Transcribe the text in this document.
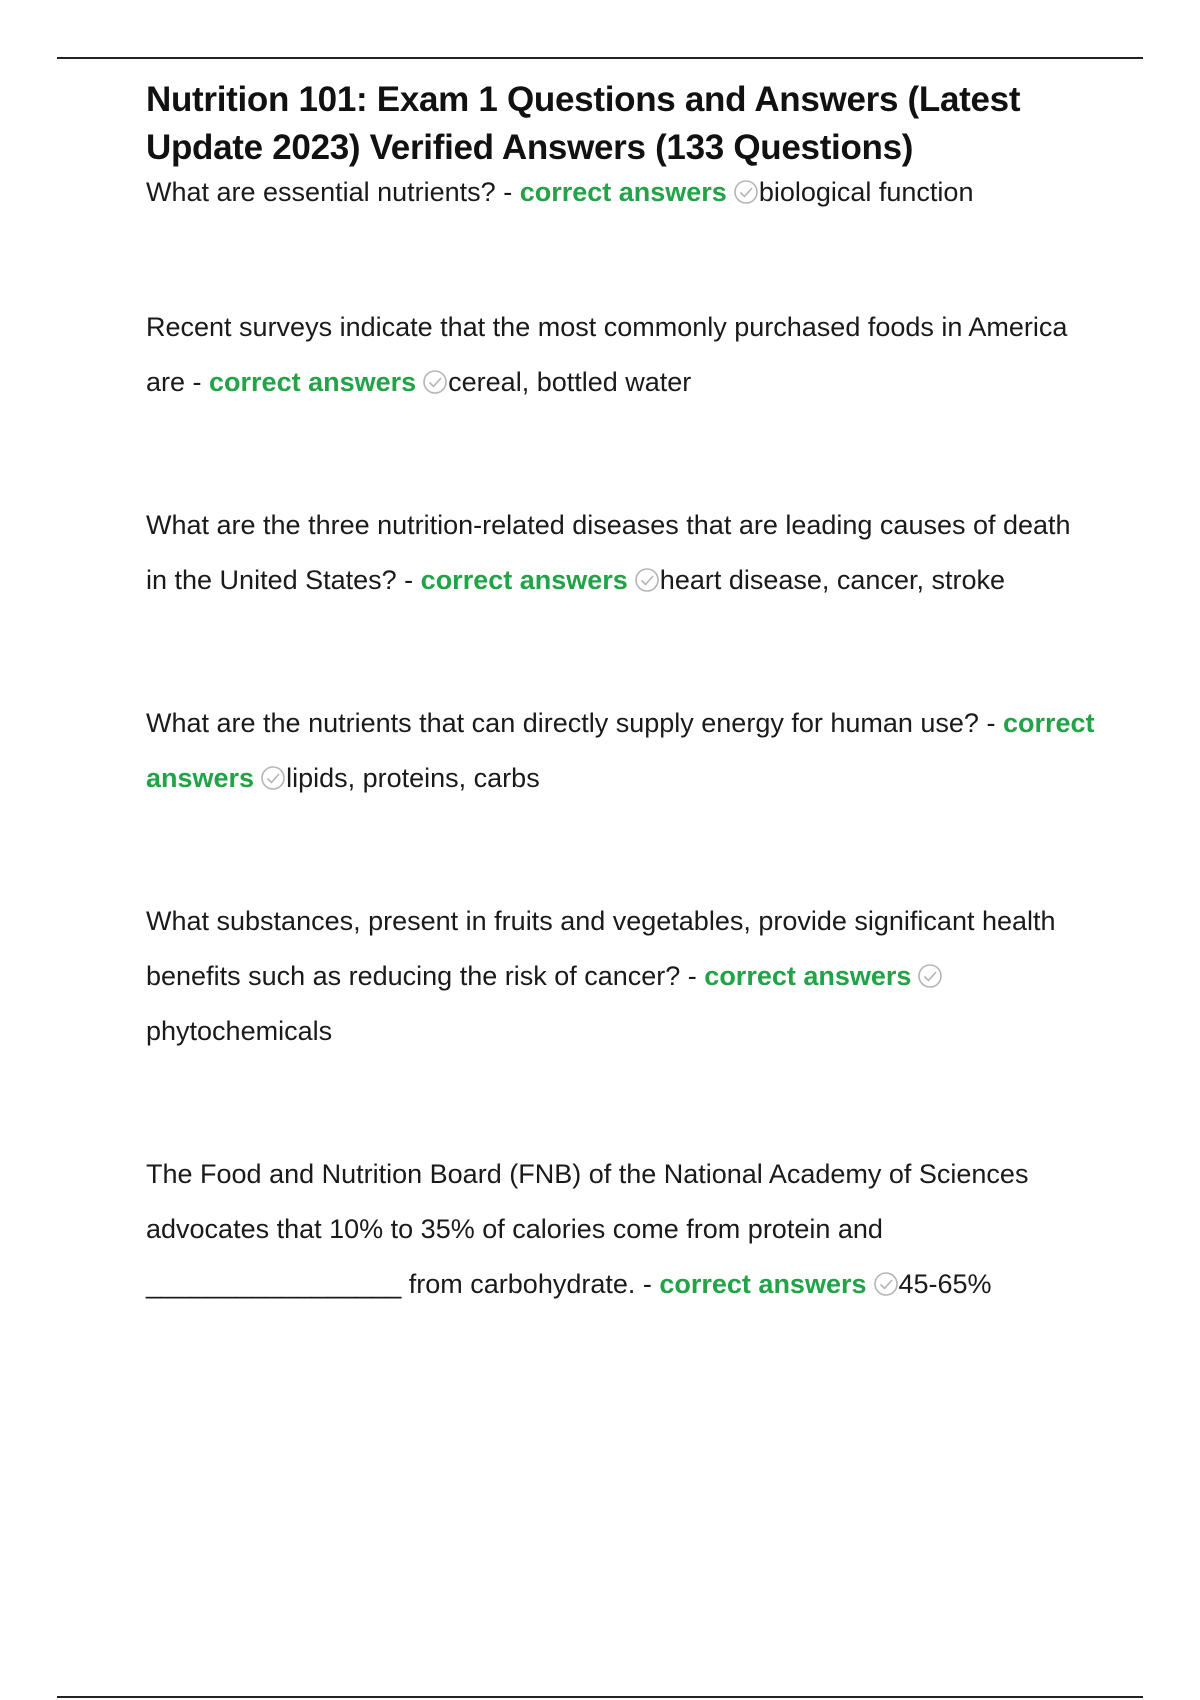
Nutrition 101: Exam 1 Questions and Answers (Latest Update 2023) Verified Answers (133 Questions)
What are essential nutrients? - correct answers biological function
Recent surveys indicate that the most commonly purchased foods in America are - correct answers cereal, bottled water
What are the three nutrition-related diseases that are leading causes of death in the United States? - correct answers heart disease, cancer, stroke
What are the nutrients that can directly supply energy for human use? - correct answers lipids, proteins, carbs
What substances, present in fruits and vegetables, provide significant health benefits such as reducing the risk of cancer? - correct answers
phytochemicals
The Food and Nutrition Board (FNB) of the National Academy of Sciences advocates that 10% to 35% of calories come from protein and _________________ from carbohydrate. - correct answers 45-65%
